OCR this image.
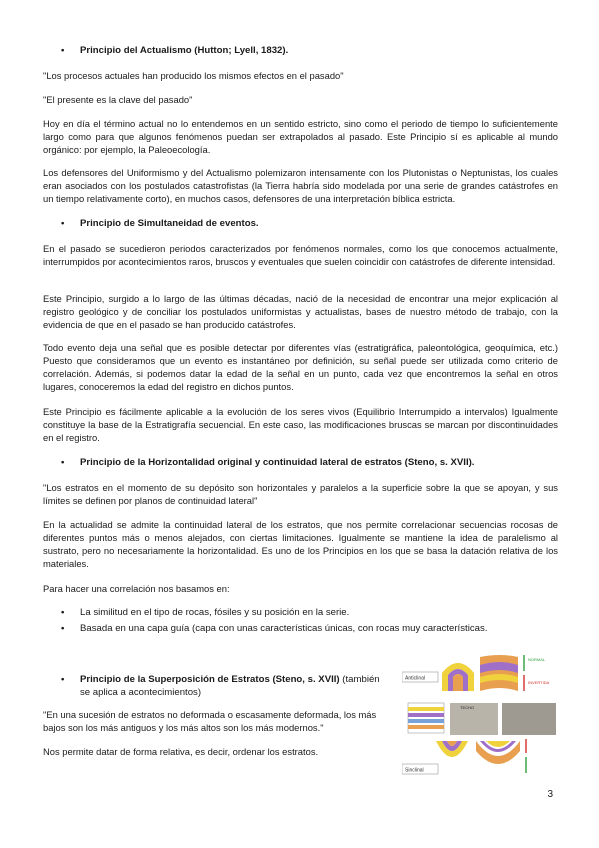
• Principio del Actualismo (Hutton; Lyell, 1832).

"Los procesos actuales han producido los mismos efectos en el pasado"

"El presente es la clave del pasado"

Hoy en día el término actual no lo entendemos en un sentido estricto, sino como el periodo de tiempo lo suficientemente largo como para que algunos fenómenos puedan ser extrapolados al pasado. Este Principio sí es aplicable al mundo orgánico: por ejemplo, la Paleoecología.

Los defensores del Uniformismo y del Actualismo polemizaron intensamente con los Plutonistas o Neptunistas, los cuales eran asociados con los postulados catastrofistas (la Tierra habría sido modelada por una serie de grandes catástrofes en un tiempo relativamente corto), en muchos casos, defensores de una interpretación bíblica estricta.

• Principio de Simultaneidad de eventos.

En el pasado se sucedieron periodos caracterizados por fenómenos normales, como los que conocemos actualmente, interrumpidos por acontecimientos raros, bruscos y eventuales que suelen coincidir con catástrofes de diferente intensidad.

Este Principio, surgido a lo largo de las últimas décadas, nació de la necesidad de encontrar una mejor explicación al registro geológico y de conciliar los postulados uniformistas y actualistas, bases de nuestro método de trabajo, con la evidencia de que en el pasado se han producido catástrofes.

Todo evento deja una señal que es posible detectar por diferentes vías (estratigráfica, paleontológica, geoquímica, etc.) Puesto que consideramos que un evento es instantáneo por definición, su señal puede ser utilizada como criterio de correlación. Además, si podemos datar la edad de la señal en un punto, cada vez que encontremos la señal en otros lugares, conoceremos la edad del registro en dichos puntos.

Este Principio es fácilmente aplicable a la evolución de los seres vivos (Equilibrio Interrumpido a intervalos) Igualmente constituye la base de la Estratigrafía secuencial. En este caso, las modificaciones bruscas se marcan por discontinuidades en el registro.

• Principio de la Horizontalidad original y continuidad lateral de estratos (Steno, s. XVII).

"Los estratos en el momento de su depósito son horizontales y paralelos a la superficie sobre la que se apoyan, y sus límites se definen por planos de continuidad lateral"

En la actualidad se admite la continuidad lateral de los estratos, que nos permite correlacionar secuencias rocosas de diferentes puntos más o menos alejados, con ciertas limitaciones. Igualmente se mantiene la idea de paralelismo al sustrato, pero no necesariamente la horizontalidad. Es uno de los Principios en los que se basa la datación relativa de los materiales.

Para hacer una correlación nos basamos en:

• La similitud en el tipo de rocas, fósiles y su posición en la serie.
• Basada en una capa guía (capa con unas características únicas, con rocas muy características.
• Principio de la Superposición de Estratos (Steno, s. XVII) (también se aplica a acontecimientos)

"En una sucesión de estratos no deformada o escasamente deformada, los más bajos son los más antiguos y los más altos son los más modernos."

Nos permite datar de forma relativa, es decir, ordenar los estratos.

Anticlinal
NORMAL
INVERTIDA
TECHO
Sinclinal
3
